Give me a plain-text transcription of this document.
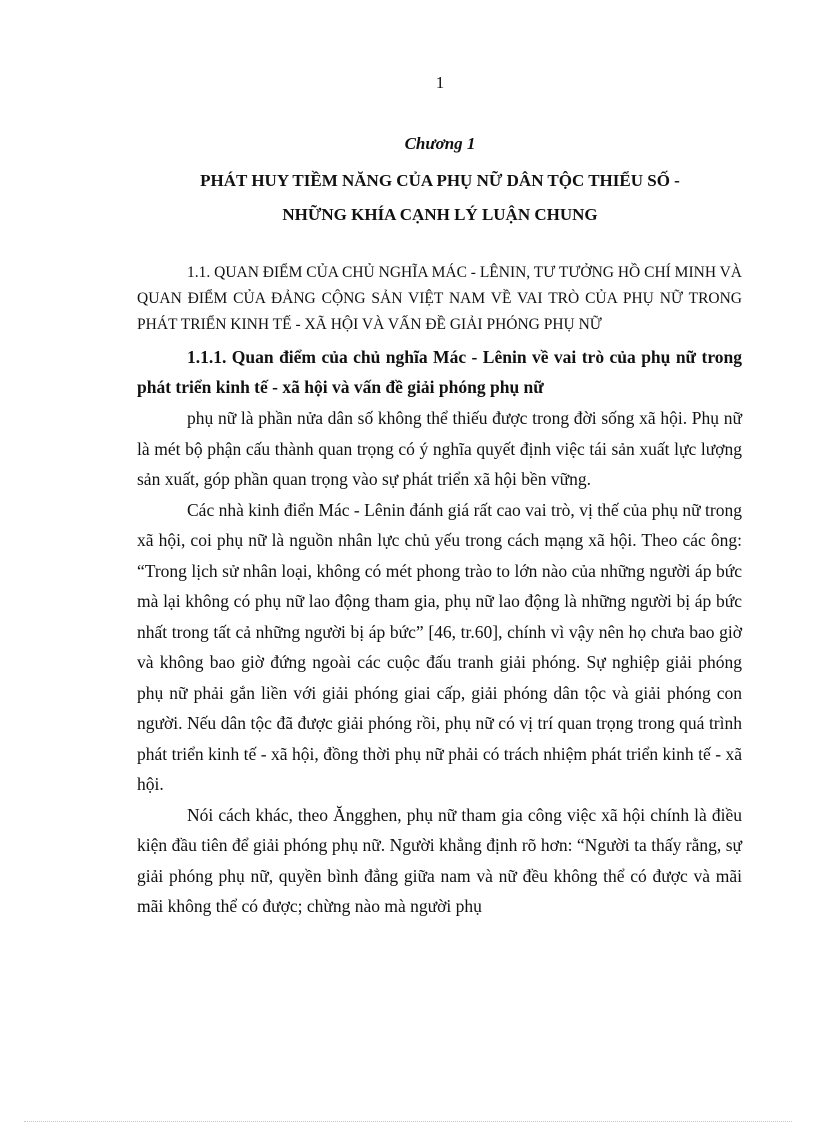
1
Chương 1
PHÁT HUY TIỀM NĂNG CỦA PHỤ NỮ DÂN TỘC THIỂU SỐ -
NHỮNG KHÍA CẠNH LÝ LUẬN CHUNG
1.1. QUAN ĐIỂM CỦA CHỦ NGHĨA MÁC - LÊNIN, TƯ TƯỞNG HỒ CHÍ MINH VÀ QUAN ĐIỂM CỦA ĐẢNG CỘNG SẢN VIỆT NAM VỀ VAI TRÒ CỦA PHỤ NỮ TRONG PHÁT TRIỂN KINH TẾ - XÃ HỘI VÀ VẤN ĐỀ GIẢI PHÓNG PHỤ NỮ
1.1.1. Quan điểm của chủ nghĩa Mác - Lênin về vai trò của phụ nữ trong phát triển kinh tế - xã hội và vấn đề giải phóng phụ nữ

phụ nữ là phần nửa dân số không thể thiếu được trong đời sống xã hội. Phụ nữ là mét bộ phận cấu thành quan trọng có ý nghĩa quyết định việc tái sản xuất lực lượng sản xuất, góp phần quan trọng vào sự phát triển xã hội bền vững.

Các nhà kinh điển Mác - Lênin đánh giá rất cao vai trò, vị thế của phụ nữ trong xã hội, coi phụ nữ là nguồn nhân lực chủ yếu trong cách mạng xã hội. Theo các ông: “Trong lịch sử nhân loại, không có mét phong trào to lớn nào của những người áp bức mà lại không có phụ nữ lao động tham gia, phụ nữ lao động là những người bị áp bức nhất trong tất cả những người bị áp bức” [46, tr.60], chính vì vậy nên họ chưa bao giờ và không bao giờ đứng ngoài các cuộc đấu tranh giải phóng. Sự nghiệp giải phóng phụ nữ phải gắn liền với giải phóng giai cấp, giải phóng dân tộc và giải phóng con người. Nếu dân tộc đã được giải phóng rồi, phụ nữ có vị trí quan trọng trong quá trình phát triển kinh tế - xã hội, đồng thời phụ nữ phải có trách nhiệm phát triển kinh tế - xã hội.

Nói cách khác, theo Ăngghen, phụ nữ tham gia công việc xã hội chính là điều kiện đầu tiên để giải phóng phụ nữ. Người khẳng định rõ hơn: “Người ta thấy rằng, sự giải phóng phụ nữ, quyền bình đẳng giữa nam và nữ đều không thể có được và mãi mãi không thể có được; chừng nào mà người phụ
